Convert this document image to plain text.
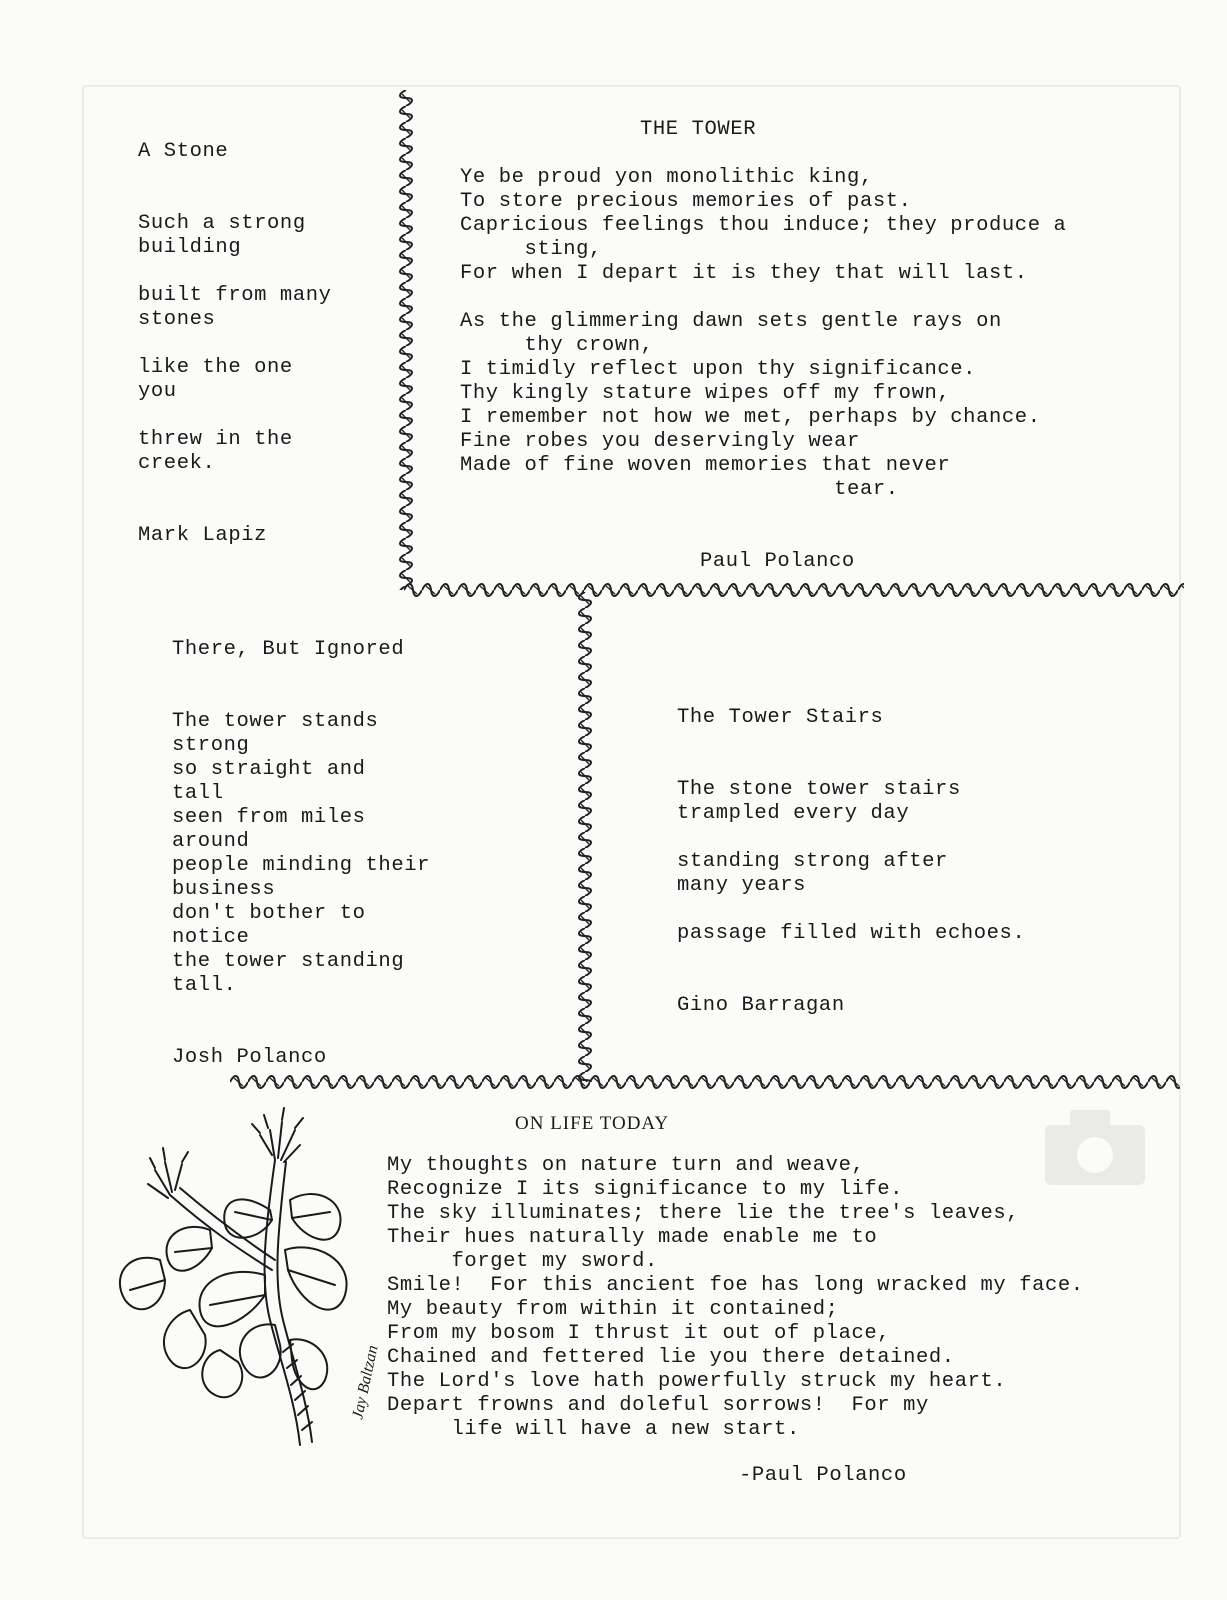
A Stone
Such a strong
building
built from many
stones
like the one
you
threw in the
creek.
Mark Lapiz
THE TOWER
Ye be proud yon monolithic king,
To store precious memories of past.
Capricious feelings thou induce; they produce a
sting,
For when I depart it is they that will last.
As the glimmering dawn sets gentle rays on
thy crown,
I timidly reflect upon thy significance.
Thy kingly stature wipes off my frown,
I remember not how we met, perhaps by chance.
Fine robes you deservingly wear
Made of fine woven memories that never
tear.
Paul Polanco
There, But Ignored
The tower stands
strong
so straight and
tall
seen from miles
around
people minding their
business
don't bother to
notice
the tower standing
tall.
Josh Polanco
The Tower Stairs
The stone tower stairs
trampled every day
standing strong after
many years
passage filled with echoes.
Gino Barragan
Jay Baltzan
ON LIFE TODAY
My thoughts on nature turn and weave,
Recognize I its significance to my life.
The sky illuminates; there lie the tree's leaves,
Their hues naturally made enable me to
forget my sword.
Smile!  For this ancient foe has long wracked my face.
My beauty from within it contained;
From my bosom I thrust it out of place,
Chained and fettered lie you there detained.
The Lord's love hath powerfully struck my heart.
Depart frowns and doleful sorrows!  For my
life will have a new start.
-Paul Polanco
